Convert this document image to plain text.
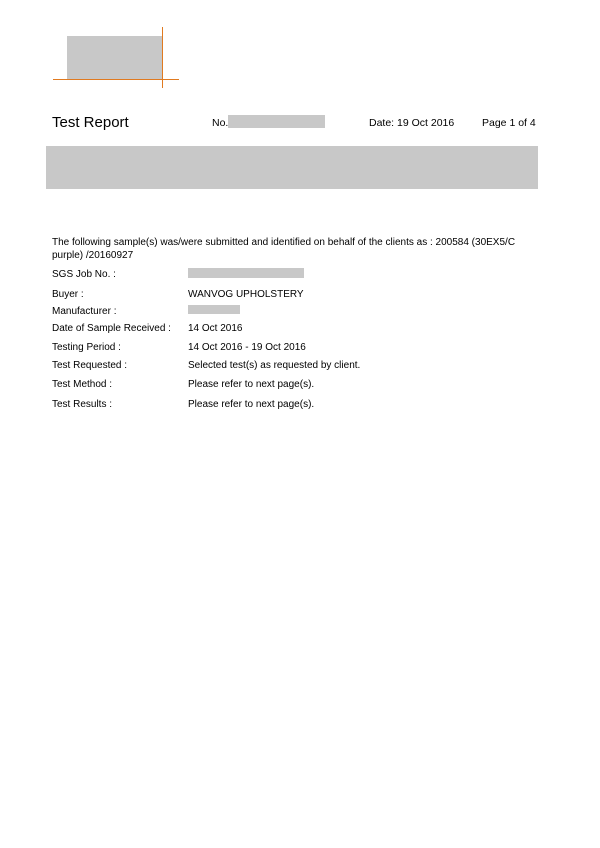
Test Report	No.	Date: 19 Oct 2016	Page 1 of 4
The following sample(s) was/were submitted and identified on behalf of the clients as : 200584 (30EX5/C purple) /20160927
SGS Job No. :
Buyer :	WANVOG UPHOLSTERY
Manufacturer :
Date of Sample Received : 14 Oct 2016
Testing Period :	14 Oct 2016 - 19 Oct 2016
Test Requested :	Selected test(s) as requested by client.
Test Method :	Please refer to next page(s).
Test Results :	Please refer to next page(s).
